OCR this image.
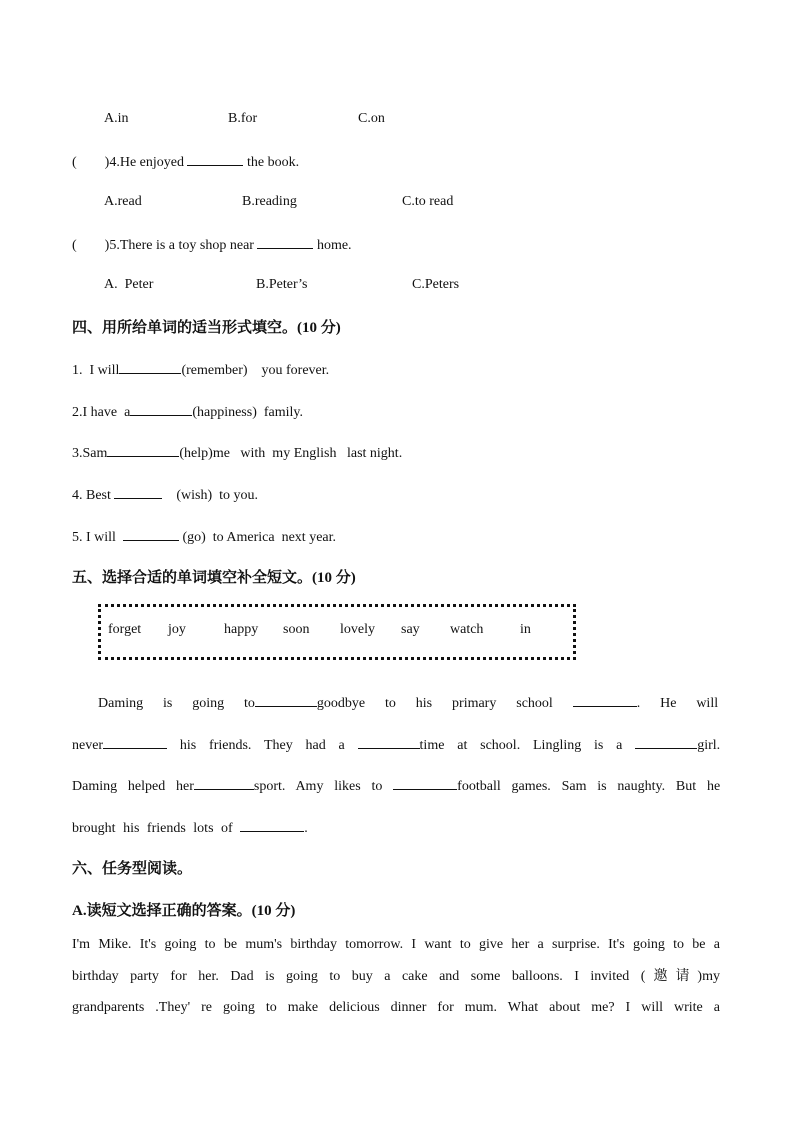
A.in	B.for	C.on
(        )4.He enjoyed	the book.
A.read	B.reading	C.to read
(        )5.There is a toy shop near	home.
A.  Peter	B.Peter’s	C.Peters
四、用所给单词的适当形式填空。(10 分)
1.  I will	(remember)    you forever.
2.I have  a	(happiness)  family.
3.Sam	(help)me   with  my English   last night.
4. Best	(wish)  to you.
5. I will	(go)  to America  next year.
五、选择合适的单词填空补全短文。(10 分)
forget joy	happy soon lovely say watch	in
Daming is going to	goodbye to his primary school	. He will
never	his friends. They had a	time at school. Lingling is a	girl.
Daming helped her	sport. Amy likes to	football games. Sam is naughty. But he
brought his friends lots of	.
六、任务型阅读。
A.读短文选择正确的答案。(10 分)
I'm Mike. It's going to be mum's birthday tomorrow. I want to give her a surprise. It's going to be a
birthday party for her. Dad is going to buy a cake and some balloons. I invited (邀请)my
grandparents .They' re going to make delicious dinner for mum. What about me? I will write a
